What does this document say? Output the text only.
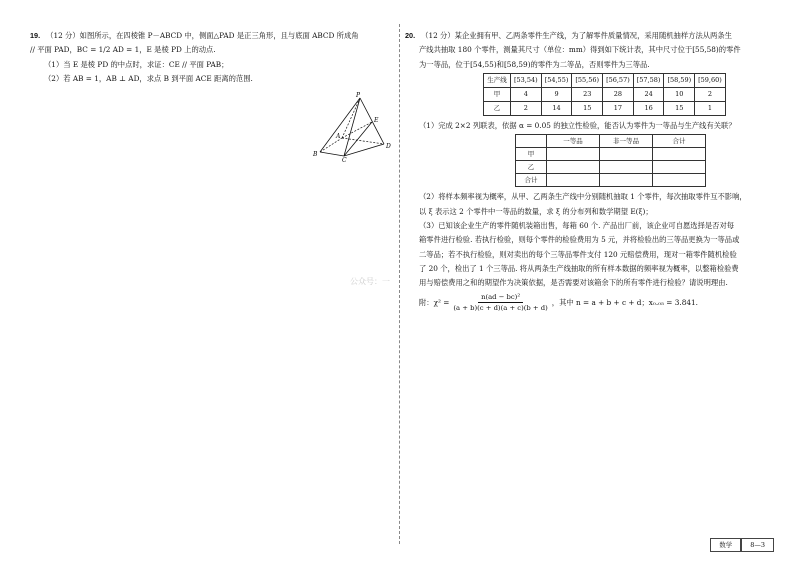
19. （12 分）如图所示，在四棱锥 P－ABCD 中，侧面△PAD 是正三角形，且与底面 ABCD 所成角

// 平面 PAD，BC = 1/2 AD = 1，E 是棱 PD 上的动点.

（1）当 E 是棱 PD 的中点时，求证：CE // 平面 PAB；

（2）若 AB = 1，AB ⊥ AD，求点 B 到平面 ACE 距离的范围.

P
A
E
B
C
D

20. （12 分）某企业拥有甲、乙两条零件生产线，为了解零件质量情况，采用随机抽样方法从两条生

产线共抽取 180 个零件，测量其尺寸（单位：mm）得到如下统计表，其中尺寸位于[55,58)的零件

为一等品，位于[54,55)和[58,59)的零件为二等品，否则零件为三等品.

生产线	[53,54)	[54,55)	[55,56)	[56,57)	[57,58)	[58,59)	[59,60)
甲	4	9	23	28	24	10	2
乙	2	14	15	17	16	15	1

（1）完成 2×2 列联表，依据 α = 0.05 的独立性检验，能否认为零件为一等品与生产线有关联？

	一等品	非一等品	合计
甲			
乙			
合计			

（2）将样本频率视为概率，从甲、乙两条生产线中分别随机抽取 1 个零件，每次抽取零件互不影响，

以 ξ 表示这 2 个零件中一等品的数量，求 ξ 的分布列和数学期望 E(ξ)；

（3）已知该企业生产的零件随机装箱出售，每箱 60 个. 产品出厂前，该企业可自愿选择是否对每

箱零件进行检验. 若执行检验，则每个零件的检验费用为 5 元，并将检验出的三等品更换为一等品或

二等品；若不执行检验，则对卖出的每个三等品零件支付 120 元赔偿费用，现对一箱零件随机检验

了 20 个，检出了 1 个三等品. 将从两条生产线抽取的所有样本数据的频率视为概率，以整箱检验费

用与赔偿费用之和的期望作为决策依据，是否需要对该箱余下的所有零件进行检验？请说明理由.

附：$\chi^2 = \frac{\text{n(ad − bc)²}}{(a + b)(c + d)(a + c)(b + d)}$ ，其中 n = a + b + c + d；x₀.₀₅ = 3.841.
公众号：一
数学	8—3
